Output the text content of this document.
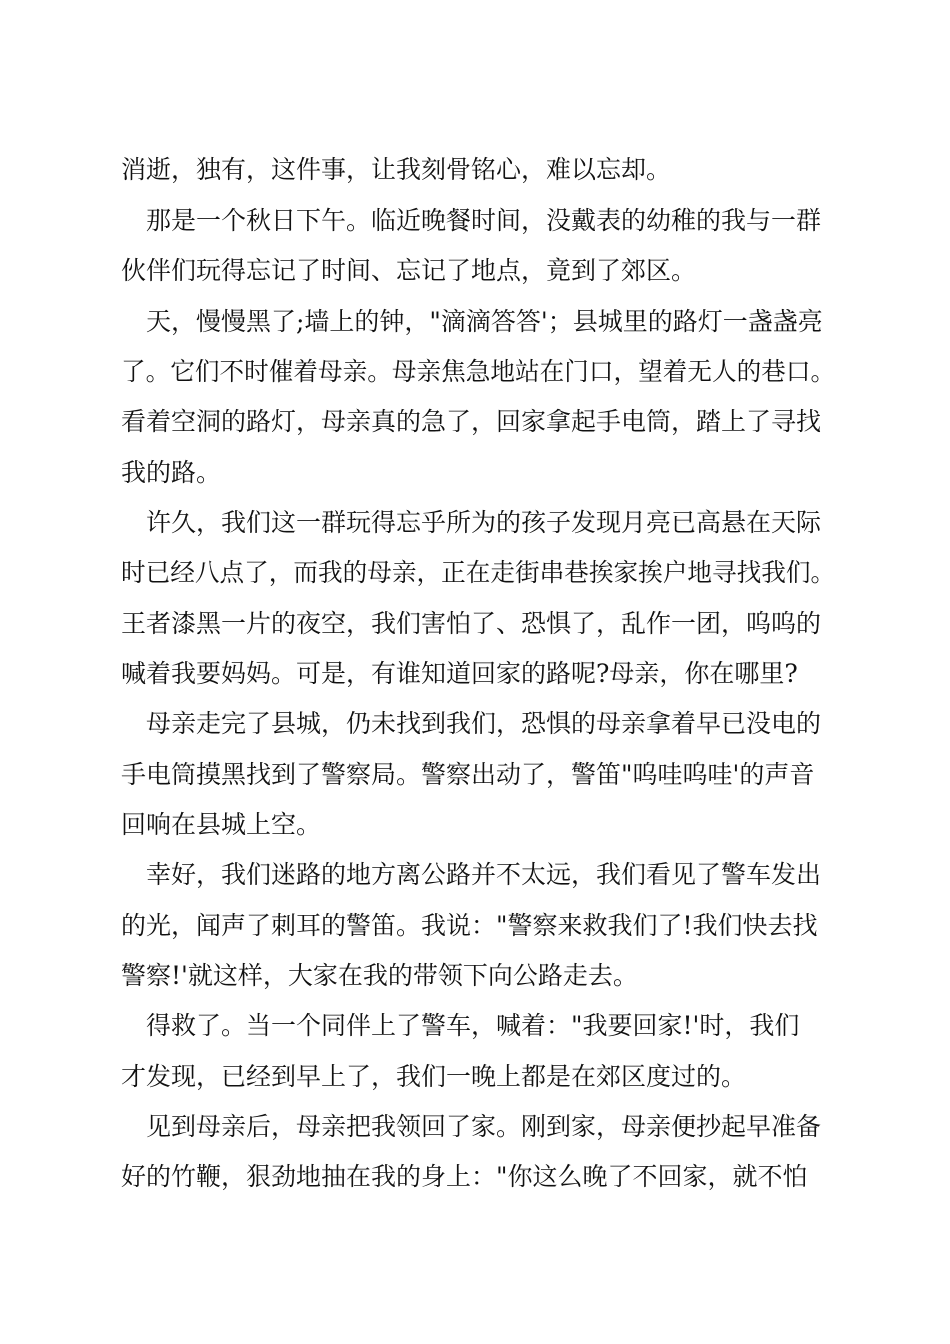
消逝，独有，这件事，让我刻骨铭心，难以忘却。
那是一个秋日下午。临近晚餐时间，没戴表的幼稚的我与一群
伙伴们玩得忘记了时间、忘记了地点，竟到了郊区。
天，慢慢黑了;墙上的钟，"滴滴答答'；县城里的路灯一盏盏亮
了。它们不时催着母亲。母亲焦急地站在门口，望着无人的巷口。
看着空洞的路灯，母亲真的急了，回家拿起手电筒，踏上了寻找
我的路。
许久，我们这一群玩得忘乎所为的孩子发现月亮已高悬在天际
时已经八点了，而我的母亲，正在走街串巷挨家挨户地寻找我们。
王者漆黑一片的夜空，我们害怕了、恐惧了，乱作一团，呜呜的
喊着我要妈妈。可是，有谁知道回家的路呢?母亲，你在哪里?
母亲走完了县城，仍未找到我们，恐惧的母亲拿着早已没电的
手电筒摸黑找到了警察局。警察出动了，警笛"呜哇呜哇'的声音
回响在县城上空。
幸好，我们迷路的地方离公路并不太远，我们看见了警车发出
的光，闻声了刺耳的警笛。我说："警察来救我们了!我们快去找
警察!'就这样，大家在我的带领下向公路走去。
得救了。当一个同伴上了警车，喊着："我要回家!'时，我们
才发现，已经到早上了，我们一晚上都是在郊区度过的。
见到母亲后，母亲把我领回了家。刚到家，母亲便抄起早准备
好的竹鞭，狠劲地抽在我的身上："你这么晚了不回家，就不怕
